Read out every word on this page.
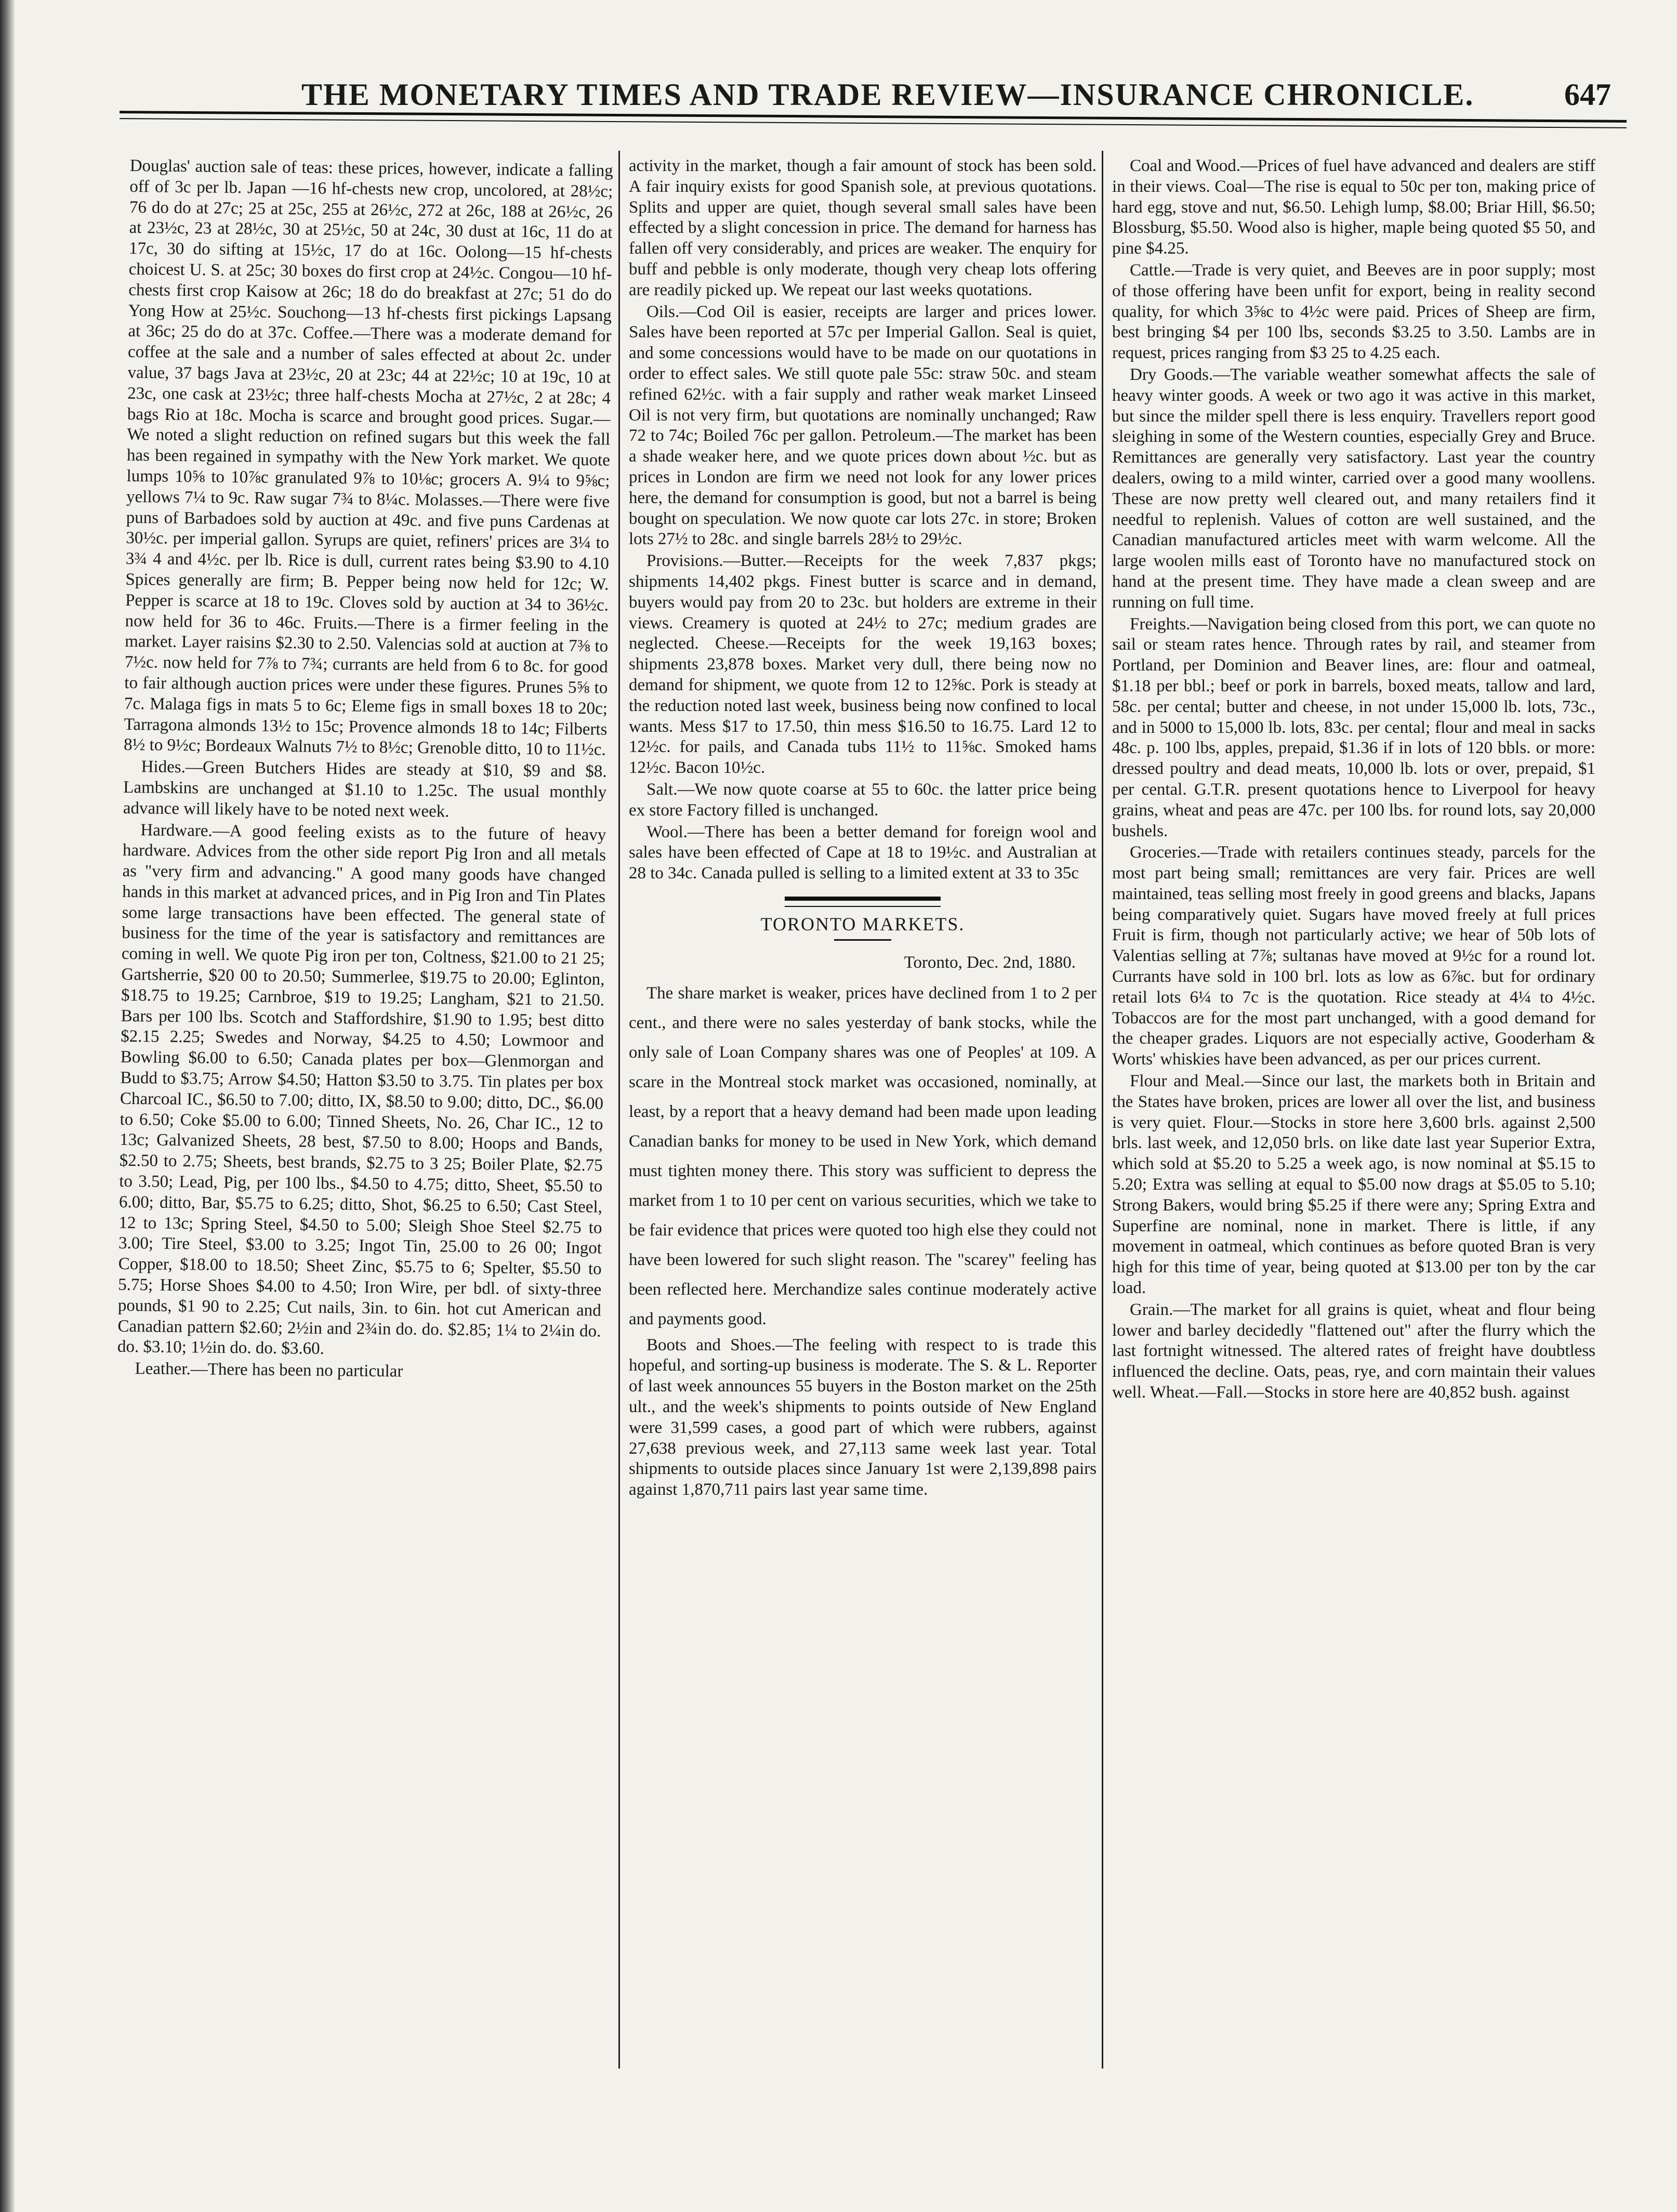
THE MONETARY TIMES AND TRADE REVIEW—INSURANCE CHRONICLE.	647

Douglas' auction sale of teas: these prices, however, indicate a falling off of 3c per lb. Japan —16 hf-chests new crop, uncolored, at 28½c; 76 do do at 27c; 25 at 25c, 255 at 26½c, 272 at 26c, 188 at 26½c, 26 at 23½c, 23 at 28½c, 30 at 25½c, 50 at 24c, 30 dust at 16c, 11 do at 17c, 30 do sifting at 15½c, 17 do at 16c. Oolong—15 hf-chests choicest U. S. at 25c; 30 boxes do first crop at 24½c. Congou—10 hf-chests first crop Kaisow at 26c; 18 do do breakfast at 27c; 51 do do Yong How at 25½c. Souchong—13 hf-chests first pickings Lapsang at 36c; 25 do do at 37c. Coffee.—There was a moderate demand for coffee at the sale and a number of sales effected at about 2c. under value, 37 bags Java at 23½c, 20 at 23c; 44 at 22½c; 10 at 19c, 10 at 23c, one cask at 23½c; three half-chests Mocha at 27½c, 2 at 28c; 4 bags Rio at 18c. Mocha is scarce and brought good prices. Sugar.—We noted a slight reduction on refined sugars but this week the fall has been regained in sympathy with the New York market. We quote lumps 10⅝ to 10⅞c granulated 9⅞ to 10⅛c; grocers A. 9¼ to 9⅝c; yellows 7¼ to 9c. Raw sugar 7¾ to 8¼c. Molasses.—There were five puns of Barbadoes sold by auction at 49c. and five puns Cardenas at 30½c. per imperial gallon. Syrups are quiet, refiners' prices are 3¼ to 3¾ 4 and 4½c. per lb. Rice is dull, current rates being $3.90 to 4.10 Spices generally are firm; B. Pepper being now held for 12c; W. Pepper is scarce at 18 to 19c. Cloves sold by auction at 34 to 36½c. now held for 36 to 46c. Fruits.—There is a firmer feeling in the market. Layer raisins $2.30 to 2.50. Valencias sold at auction at 7⅜ to 7½c. now held for 7⅞ to 7¾; currants are held from 6 to 8c. for good to fair although auction prices were under these figures. Prunes 5⅝ to 7c. Malaga figs in mats 5 to 6c; Eleme figs in small boxes 18 to 20c; Tarragona almonds 13½ to 15c; Provence almonds 18 to 14c; Filberts 8½ to 9½c; Bordeaux Walnuts 7½ to 8½c; Grenoble ditto, 10 to 11½c.

Hides.—Green Butchers Hides are steady at $10, $9 and $8. Lambskins are unchanged at $1.10 to 1.25c. The usual monthly advance will likely have to be noted next week.

Hardware.—A good feeling exists as to the future of heavy hardware. Advices from the other side report Pig Iron and all metals as "very firm and advancing." A good many goods have changed hands in this market at advanced prices, and in Pig Iron and Tin Plates some large transactions have been effected. The general state of business for the time of the year is satisfactory and remittances are coming in well. We quote Pig iron per ton, Coltness, $21.00 to 21 25; Gartsherrie, $20 00 to 20.50; Summerlee, $19.75 to 20.00; Eglinton, $18.75 to 19.25; Carnbroe, $19 to 19.25; Langham, $21 to 21.50. Bars per 100 lbs. Scotch and Staffordshire, $1.90 to 1.95; best ditto $2.15 2.25; Swedes and Norway, $4.25 to 4.50; Lowmoor and Bowling $6.00 to 6.50; Canada plates per box—Glenmorgan and Budd to $3.75; Arrow $4.50; Hatton $3.50 to 3.75. Tin plates per box Charcoal IC., $6.50 to 7.00; ditto, IX, $8.50 to 9.00; ditto, DC., $6.00 to 6.50; Coke $5.00 to 6.00; Tinned Sheets, No. 26, Char IC., 12 to 13c; Galvanized Sheets, 28 best, $7.50 to 8.00; Hoops and Bands, $2.50 to 2.75; Sheets, best brands, $2.75 to 3 25; Boiler Plate, $2.75 to 3.50; Lead, Pig, per 100 lbs., $4.50 to 4.75; ditto, Sheet, $5.50 to 6.00; ditto, Bar, $5.75 to 6.25; ditto, Shot, $6.25 to 6.50; Cast Steel, 12 to 13c; Spring Steel, $4.50 to 5.00; Sleigh Shoe Steel $2.75 to 3.00; Tire Steel, $3.00 to 3.25; Ingot Tin, 25.00 to 26 00; Ingot Copper, $18.00 to 18.50; Sheet Zinc, $5.75 to 6; Spelter, $5.50 to 5.75; Horse Shoes $4.00 to 4.50; Iron Wire, per bdl. of sixty-three pounds, $1 90 to 2.25; Cut nails, 3in. to 6in. hot cut American and Canadian pattern $2.60; 2½in and 2¾in do. do. $2.85; 1¼ to 2¼in do. do. $3.10; 1½in do. do. $3.60.

Leather.—There has been no particular

activity in the market, though a fair amount of stock has been sold. A fair inquiry exists for good Spanish sole, at previous quotations. Splits and upper are quiet, though several small sales have been effected by a slight concession in price. The demand for harness has fallen off very considerably, and prices are weaker. The enquiry for buff and pebble is only moderate, though very cheap lots offering are readily picked up. We repeat our last weeks quotations.

Oils.—Cod Oil is easier, receipts are larger and prices lower. Sales have been reported at 57c per Imperial Gallon. Seal is quiet, and some concessions would have to be made on our quotations in order to effect sales. We still quote pale 55c: straw 50c. and steam refined 62½c. with a fair supply and rather weak market Linseed Oil is not very firm, but quotations are nominally unchanged; Raw 72 to 74c; Boiled 76c per gallon. Petroleum.—The market has been a shade weaker here, and we quote prices down about ½c. but as prices in London are firm we need not look for any lower prices here, the demand for consumption is good, but not a barrel is being bought on speculation. We now quote car lots 27c. in store; Broken lots 27½ to 28c. and single barrels 28½ to 29½c.

Provisions.—Butter.—Receipts for the week 7,837 pkgs; shipments 14,402 pkgs. Finest butter is scarce and in demand, buyers would pay from 20 to 23c. but holders are extreme in their views. Creamery is quoted at 24½ to 27c; medium grades are neglected. Cheese.—Receipts for the week 19,163 boxes; shipments 23,878 boxes. Market very dull, there being now no demand for shipment, we quote from 12 to 12⅝c. Pork is steady at the reduction noted last week, business being now confined to local wants. Mess $17 to 17.50, thin mess $16.50 to 16.75. Lard 12 to 12½c. for pails, and Canada tubs 11½ to 11⅝c. Smoked hams 12½c. Bacon 10½c.

Salt.—We now quote coarse at 55 to 60c. the latter price being ex store Factory filled is unchanged.

Wool.—There has been a better demand for foreign wool and sales have been effected of Cape at 18 to 19½c. and Australian at 28 to 34c. Canada pulled is selling to a limited extent at 33 to 35c

TORONTO MARKETS.

Toronto, Dec. 2nd, 1880.

The share market is weaker, prices have declined from 1 to 2 per cent., and there were no sales yesterday of bank stocks, while the only sale of Loan Company shares was one of Peoples' at 109. A scare in the Montreal stock market was occasioned, nominally, at least, by a report that a heavy demand had been made upon leading Canadian banks for money to be used in New York, which demand must tighten money there. This story was sufficient to depress the market from 1 to 10 per cent on various securities, which we take to be fair evidence that prices were quoted too high else they could not have been lowered for such slight reason. The "scarey" feeling has been reflected here. Merchandize sales continue moderately active and payments good.

Boots and Shoes.—The feeling with respect to is trade this hopeful, and sorting-up business is moderate. The S. & L. Reporter of last week announces 55 buyers in the Boston market on the 25th ult., and the week's shipments to points outside of New England were 31,599 cases, a good part of which were rubbers, against 27,638 previous week, and 27,113 same week last year. Total shipments to outside places since January 1st were 2,139,898 pairs against 1,870,711 pairs last year same time.

Coal and Wood.—Prices of fuel have advanced and dealers are stiff in their views. Coal—The rise is equal to 50c per ton, making price of hard egg, stove and nut, $6.50. Lehigh lump, $8.00; Briar Hill, $6.50; Blossburg, $5.50. Wood also is higher, maple being quoted $5 50, and pine $4.25.

Cattle.—Trade is very quiet, and Beeves are in poor supply; most of those offering have been unfit for export, being in reality second quality, for which 3⅝c to 4½c were paid. Prices of Sheep are firm, best bringing $4 per 100 lbs, seconds $3.25 to 3.50. Lambs are in request, prices ranging from $3 25 to 4.25 each.

Dry Goods.—The variable weather somewhat affects the sale of heavy winter goods. A week or two ago it was active in this market, but since the milder spell there is less enquiry. Travellers report good sleighing in some of the Western counties, especially Grey and Bruce. Remittances are generally very satisfactory. Last year the country dealers, owing to a mild winter, carried over a good many woollens. These are now pretty well cleared out, and many retailers find it needful to replenish. Values of cotton are well sustained, and the Canadian manufactured articles meet with warm welcome. All the large woolen mills east of Toronto have no manufactured stock on hand at the present time. They have made a clean sweep and are running on full time.

Freights.—Navigation being closed from this port, we can quote no sail or steam rates hence. Through rates by rail, and steamer from Portland, per Dominion and Beaver lines, are: flour and oatmeal, $1.18 per bbl.; beef or pork in barrels, boxed meats, tallow and lard, 58c. per cental; butter and cheese, in not under 15,000 lb. lots, 73c., and in 5000 to 15,000 lb. lots, 83c. per cental; flour and meal in sacks 48c. p. 100 lbs, apples, prepaid, $1.36 if in lots of 120 bbls. or more: dressed poultry and dead meats, 10,000 lb. lots or over, prepaid, $1 per cental. G.T.R. present quotations hence to Liverpool for heavy grains, wheat and peas are 47c. per 100 lbs. for round lots, say 20,000 bushels.

Groceries.—Trade with retailers continues steady, parcels for the most part being small; remittances are very fair. Prices are well maintained, teas selling most freely in good greens and blacks, Japans being comparatively quiet. Sugars have moved freely at full prices Fruit is firm, though not particularly active; we hear of 50b lots of Valentias selling at 7⅞; sultanas have moved at 9½c for a round lot. Currants have sold in 100 brl. lots as low as 6⅞c. but for ordinary retail lots 6¼ to 7c is the quotation. Rice steady at 4¼ to 4½c. Tobaccos are for the most part unchanged, with a good demand for the cheaper grades. Liquors are not especially active, Gooderham & Worts' whiskies have been advanced, as per our prices current.

Flour and Meal.—Since our last, the markets both in Britain and the States have broken, prices are lower all over the list, and business is very quiet. Flour.—Stocks in store here 3,600 brls. against 2,500 brls. last week, and 12,050 brls. on like date last year Superior Extra, which sold at $5.20 to 5.25 a week ago, is now nominal at $5.15 to 5.20; Extra was selling at equal to $5.00 now drags at $5.05 to 5.10; Strong Bakers, would bring $5.25 if there were any; Spring Extra and Superfine are nominal, none in market. There is little, if any movement in oatmeal, which continues as before quoted Bran is very high for this time of year, being quoted at $13.00 per ton by the car load.

Grain.—The market for all grains is quiet, wheat and flour being lower and barley decidedly "flattened out" after the flurry which the last fortnight witnessed. The altered rates of freight have doubtless influenced the decline. Oats, peas, rye, and corn maintain their values well. Wheat.—Fall.—Stocks in store here are 40,852 bush. against
